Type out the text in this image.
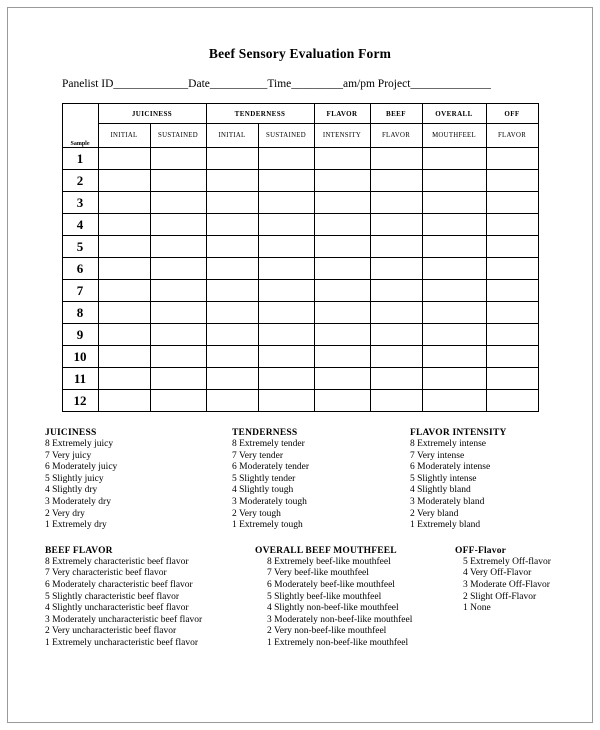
Beef Sensory Evaluation Form
Panelist ID_____________Date__________Time_________am/pm Project______________
Sample	JUICINESS		TENDERNESS		FLAVOR	BEEF	OVERALL	OFF
	INITIAL	SUSTAINED	INITIAL	SUSTAINED	INTENSITY	FLAVOR	MOUTHFEEL	FLAVOR
1								
2								
3								
4								
5								
6								
7								
8								
9								
10								
11								
12								
JUICINESS
8 Extremely juicy
7 Very juicy
6 Moderately juicy
5 Slightly juicy
4 Slightly dry
3 Moderately dry
2 Very dry
1 Extremely dry
TENDERNESS
8 Extremely tender
7 Very tender
6 Moderately tender
5 Slightly tender
4 Slightly tough
3 Moderately tough
2 Very tough
1 Extremely tough
FLAVOR INTENSITY
8 Extremely intense
7 Very intense
6 Moderately intense
5 Slightly intense
4 Slightly bland
3 Moderately bland
2 Very bland
1 Extremely bland
BEEF FLAVOR
8 Extremely characteristic beef flavor
7 Very characteristic beef flavor
6 Moderately characteristic beef flavor
5 Slightly characteristic beef flavor
4 Slightly uncharacteristic beef flavor
3 Moderately uncharacteristic beef flavor
2 Very uncharacteristic beef flavor
1 Extremely uncharacteristic beef flavor
OVERALL BEEF MOUTHFEEL
8 Extremely beef-like mouthfeel
7 Very beef-like mouthfeel
6 Moderately beef-like mouthfeel
5 Slightly beef-like mouthfeel
4 Slightly non-beef-like mouthfeel
3 Moderately non-beef-like mouthfeel
2 Very non-beef-like mouthfeel
1 Extremely non-beef-like mouthfeel
OFF-Flavor
5 Extremely Off-flavor
4 Very Off-Flavor
3 Moderate Off-Flavor
2 Slight Off-Flavor
1 None
